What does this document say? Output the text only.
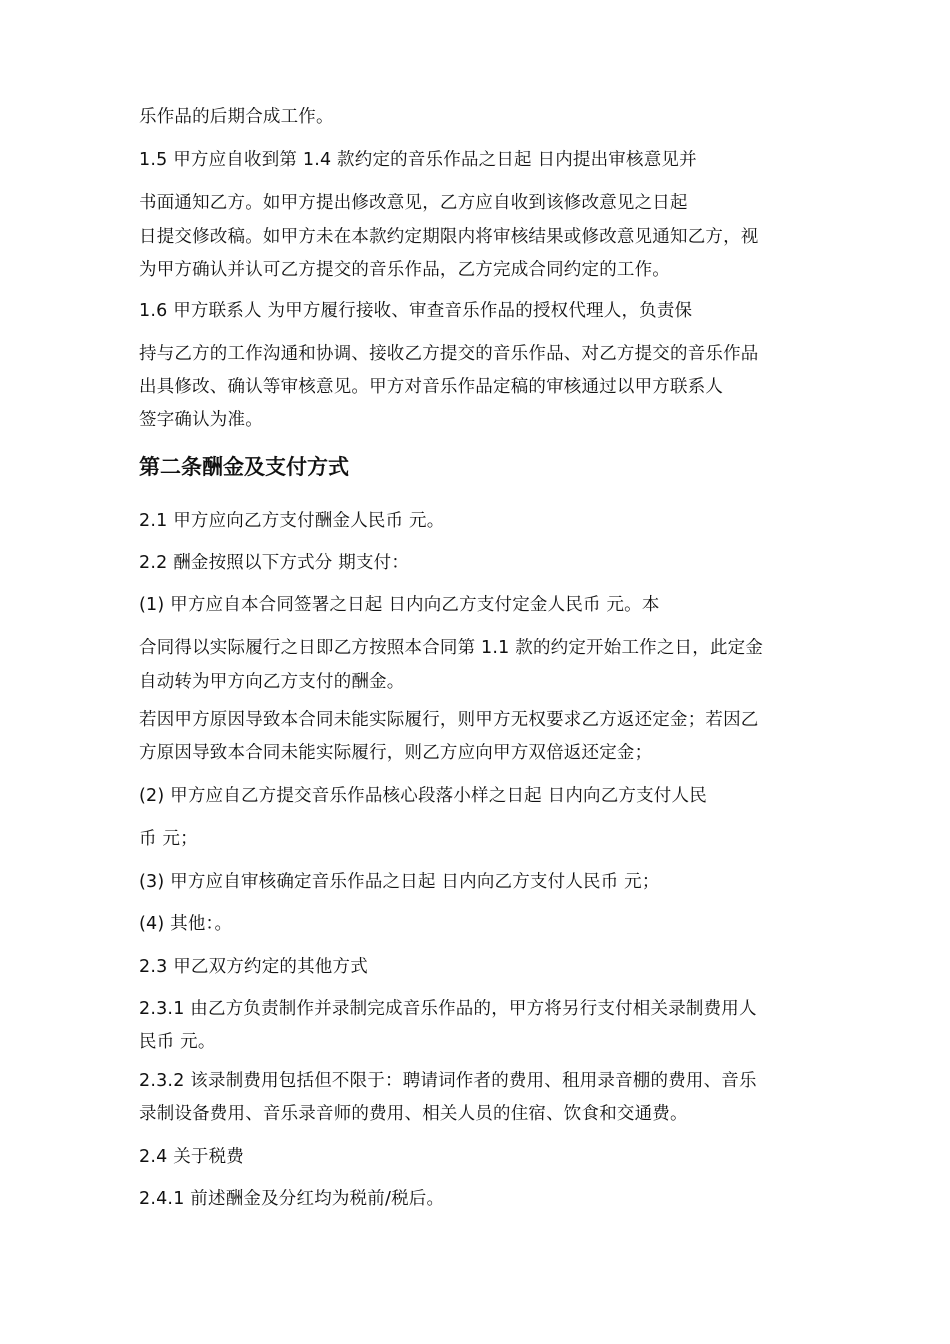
乐作品的后期合成工作。
1.5 甲方应自收到第 1.4 款约定的音乐作品之日起 日内提出审核意见并
书面通知乙方。如甲方提出修改意见，乙方应自收到该修改意见之日起
日提交修改稿。如甲方未在本款约定期限内将审核结果或修改意见通知乙方，视
为甲方确认并认可乙方提交的音乐作品，乙方完成合同约定的工作。
1.6 甲方联系人 为甲方履行接收、审查音乐作品的授权代理人，负责保
持与乙方的工作沟通和协调、接收乙方提交的音乐作品、对乙方提交的音乐作品
出具修改、确认等审核意见。甲方对音乐作品定稿的审核通过以甲方联系人
签字确认为准。
第二条酬金及支付方式
2.1 甲方应向乙方支付酬金人民币 元。
2.2 酬金按照以下方式分 期支付：
(1) 甲方应自本合同签署之日起 日内向乙方支付定金人民币 元。本
合同得以实际履行之日即乙方按照本合同第 1.1 款的约定开始工作之日，此定金
自动转为甲方向乙方支付的酬金。
若因甲方原因导致本合同未能实际履行，则甲方无权要求乙方返还定金；若因乙
方原因导致本合同未能实际履行，则乙方应向甲方双倍返还定金；
(2) 甲方应自乙方提交音乐作品核心段落小样之日起 日内向乙方支付人民
币 元；
(3) 甲方应自审核确定音乐作品之日起 日内向乙方支付人民币 元；
(4) 其他：。
2.3 甲乙双方约定的其他方式
2.3.1 由乙方负责制作并录制完成音乐作品的，甲方将另行支付相关录制费用人
民币 元。
2.3.2 该录制费用包括但不限于：聘请词作者的费用、租用录音棚的费用、音乐
录制设备费用、音乐录音师的费用、相关人员的住宿、饮食和交通费。
2.4 关于税费
2.4.1 前述酬金及分红均为税前/税后。
